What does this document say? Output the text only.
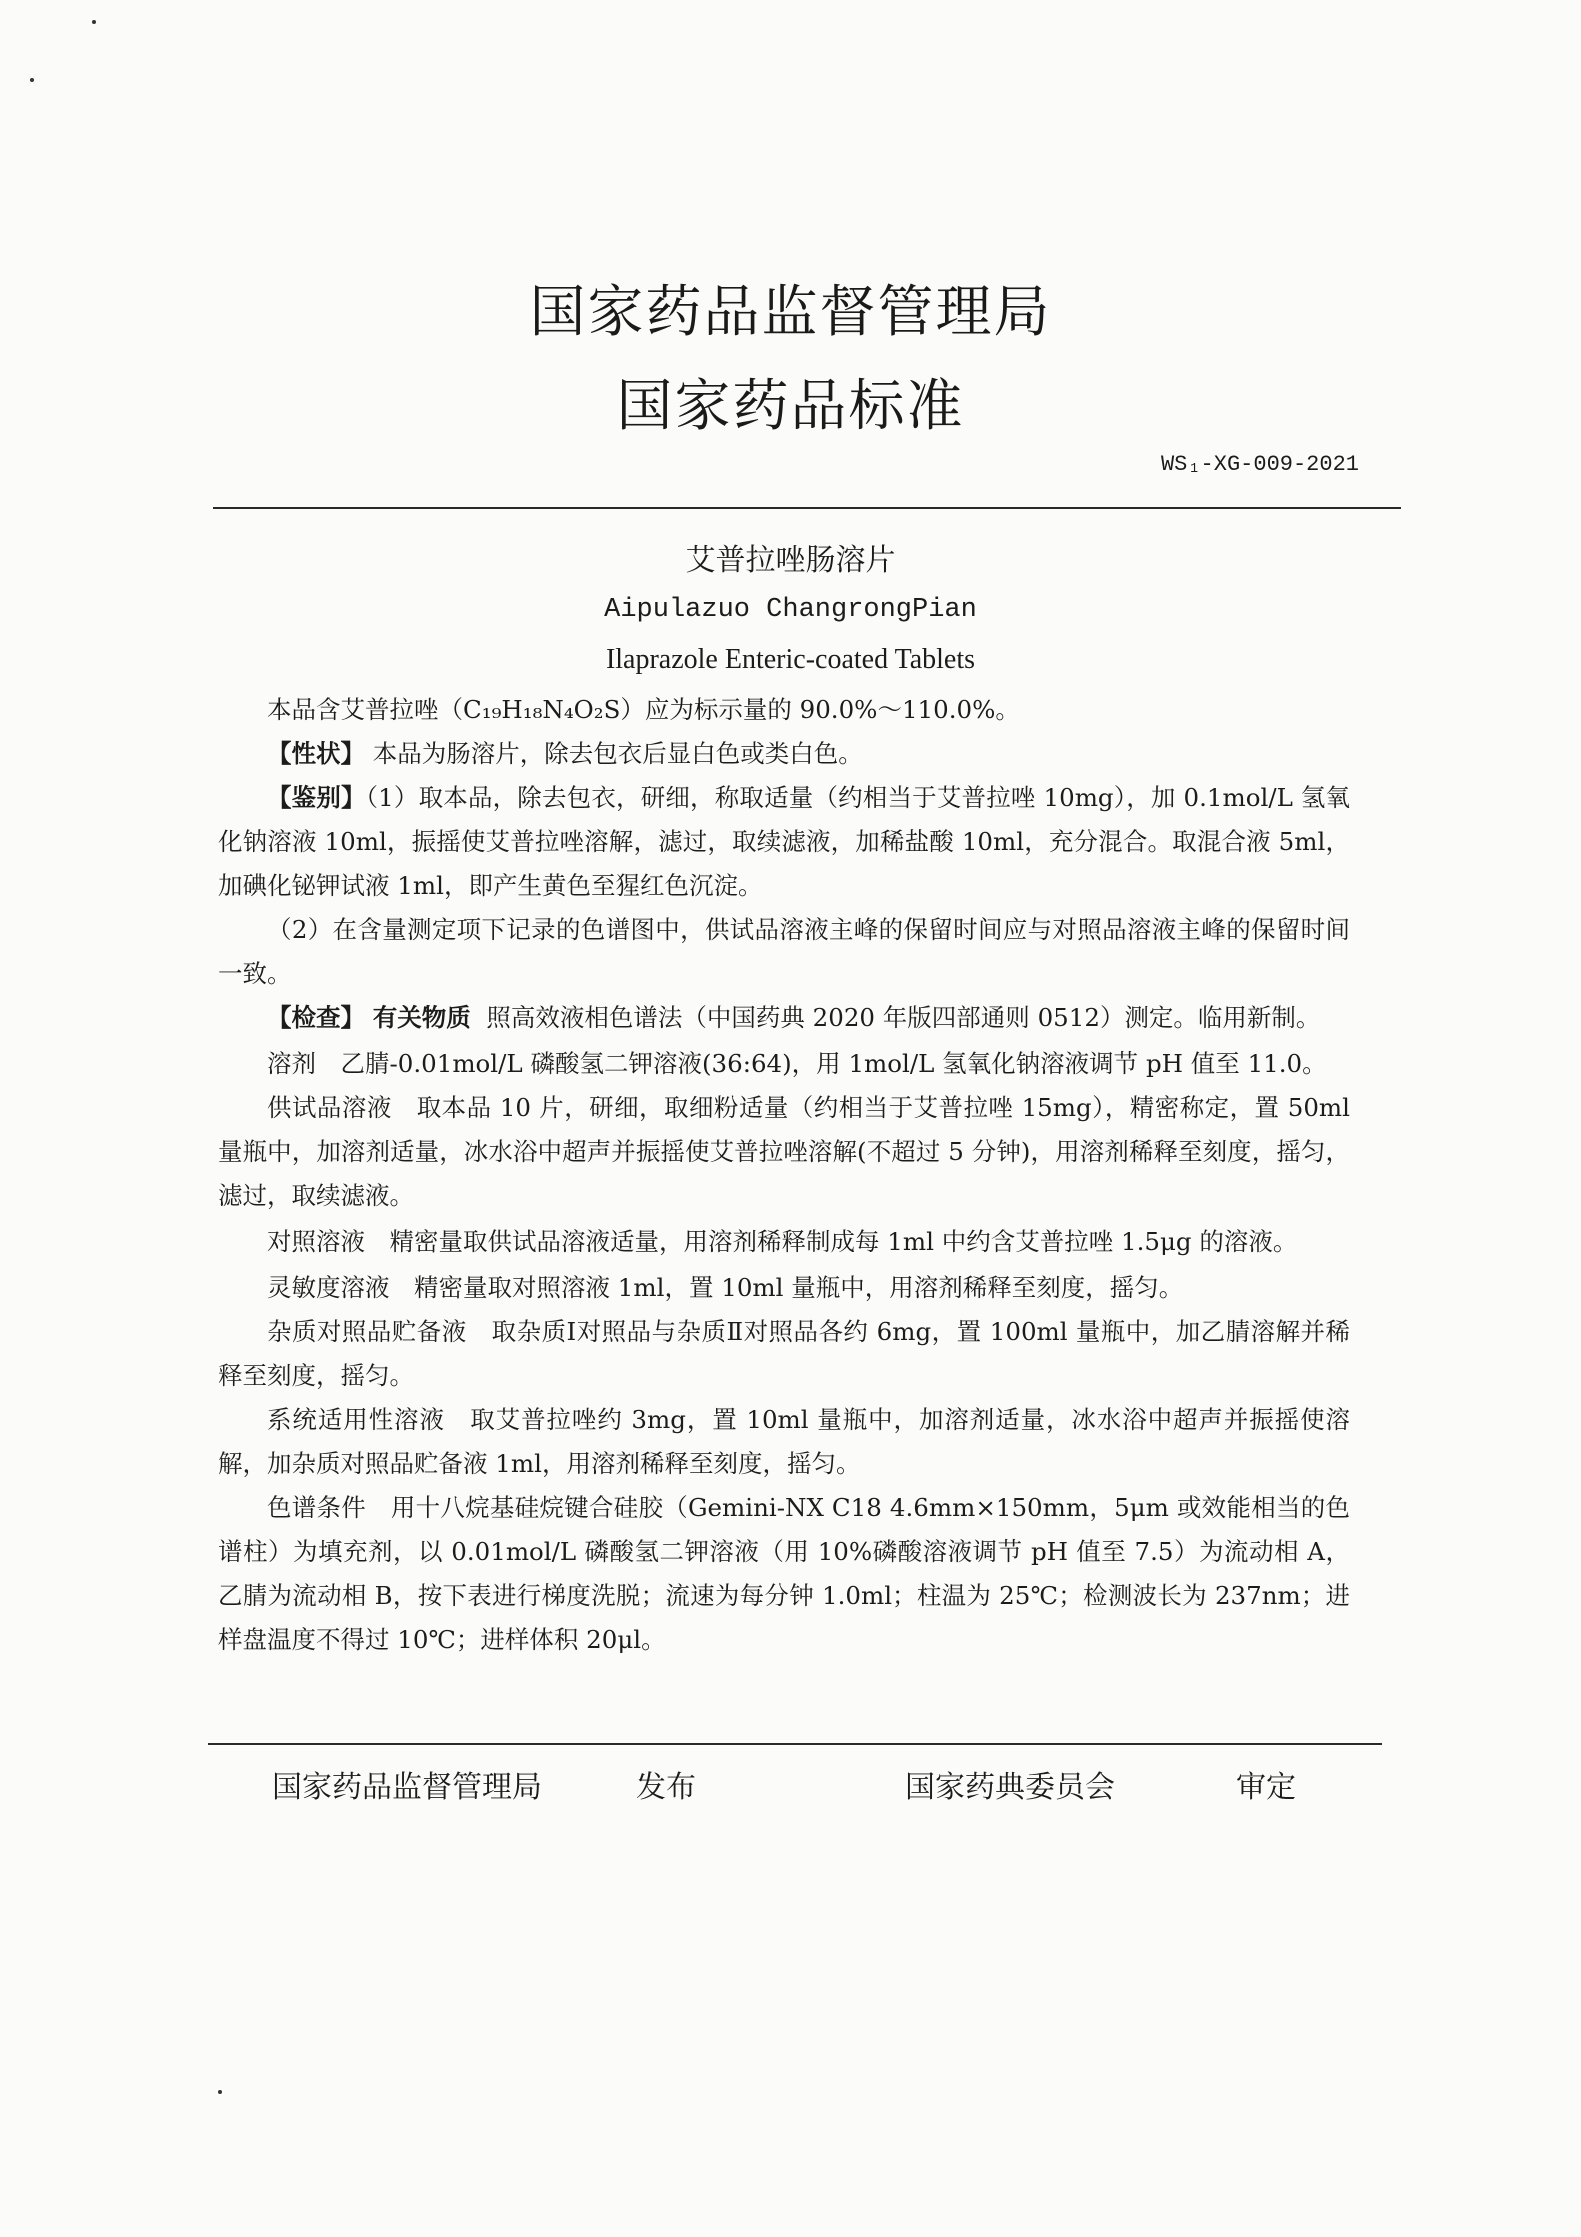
国家药品监督管理局
国家药品标准
WS₁-XG-009-2021
艾普拉唑肠溶片
Aipulazuo ChangrongPian
Ilaprazole Enteric-coated Tablets

本品含艾普拉唑（C₁₉H₁₈N₄O₂S）应为标示量的 90.0%～110.0%。

【性状】 本品为肠溶片，除去包衣后显白色或类白色。

【鉴别】（1）取本品，除去包衣，研细，称取适量（约相当于艾普拉唑 10mg），加 0.1mol/L 氢氧化钠溶液 10ml，振摇使艾普拉唑溶解，滤过，取续滤液，加稀盐酸 10ml，充分混合。取混合液 5ml，加碘化铋钾试液 1ml，即产生黄色至猩红色沉淀。

（2）在含量测定项下记录的色谱图中，供试品溶液主峰的保留时间应与对照品溶液主峰的保留时间一致。

【检查】 有关物质 照高效液相色谱法（中国药典 2020 年版四部通则 0512）测定。临用新制。

溶剂　乙腈-0.01mol/L 磷酸氢二钾溶液(36:64)，用 1mol/L 氢氧化钠溶液调节 pH 值至 11.0。

供试品溶液　取本品 10 片，研细，取细粉适量（约相当于艾普拉唑 15mg），精密称定，置 50ml 量瓶中，加溶剂适量，冰水浴中超声并振摇使艾普拉唑溶解(不超过 5 分钟)，用溶剂稀释至刻度，摇匀，滤过，取续滤液。

对照溶液　精密量取供试品溶液适量，用溶剂稀释制成每 1ml 中约含艾普拉唑 1.5μg 的溶液。

灵敏度溶液　精密量取对照溶液 1ml，置 10ml 量瓶中，用溶剂稀释至刻度，摇匀。

杂质对照品贮备液　取杂质Ⅰ对照品与杂质Ⅱ对照品各约 6mg，置 100ml 量瓶中，加乙腈溶解并稀释至刻度，摇匀。

系统适用性溶液　取艾普拉唑约 3mg，置 10ml 量瓶中，加溶剂适量，冰水浴中超声并振摇使溶解，加杂质对照品贮备液 1ml，用溶剂稀释至刻度，摇匀。

色谱条件　用十八烷基硅烷键合硅胶（Gemini-NX C18 4.6mm×150mm，5μm 或效能相当的色谱柱）为填充剂，以 0.01mol/L 磷酸氢二钾溶液（用 10%磷酸溶液调节 pH 值至 7.5）为流动相 A，乙腈为流动相 B，按下表进行梯度洗脱；流速为每分钟 1.0ml；柱温为 25℃；检测波长为 237nm；进样盘温度不得过 10℃；进样体积 20μl。

国家药品监督管理局	发布	国家药典委员会	审定
